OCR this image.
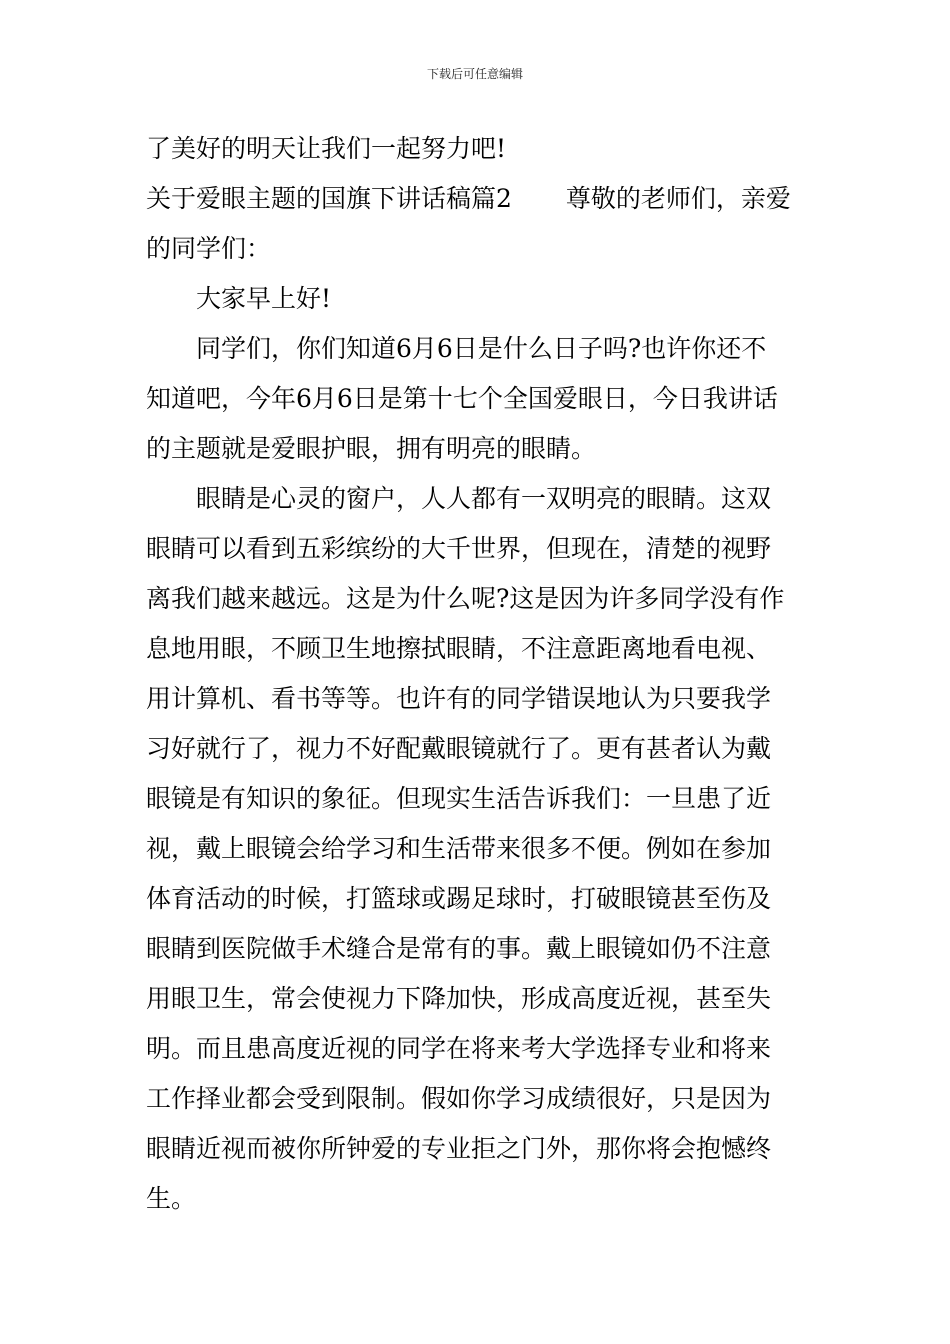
下载后可任意编辑
了美好的明天让我们一起努力吧!
关于爱眼主题的国旗下讲话稿篇2 尊敬的老师们，亲爱
的同学们：
大家早上好!
同学们，你们知道6月6日是什么日子吗?也许你还不
知道吧，今年6月6日是第十七个全国爱眼日，今日我讲话
的主题就是爱眼护眼，拥有明亮的眼睛。
眼睛是心灵的窗户，人人都有一双明亮的眼睛。这双
眼睛可以看到五彩缤纷的大千世界，但现在，清楚的视野
离我们越来越远。这是为什么呢?这是因为许多同学没有作
息地用眼，不顾卫生地擦拭眼睛，不注意距离地看电视、
用计算机、看书等等。也许有的同学错误地认为只要我学
习好就行了，视力不好配戴眼镜就行了。更有甚者认为戴
眼镜是有知识的象征。但现实生活告诉我们：一旦患了近
视，戴上眼镜会给学习和生活带来很多不便。例如在参加
体育活动的时候，打篮球或踢足球时，打破眼镜甚至伤及
眼睛到医院做手术缝合是常有的事。戴上眼镜如仍不注意
用眼卫生，常会使视力下降加快，形成高度近视，甚至失
明。而且患高度近视的同学在将来考大学选择专业和将来
工作择业都会受到限制。假如你学习成绩很好，只是因为
眼睛近视而被你所钟爱的专业拒之门外，那你将会抱憾终
生。
